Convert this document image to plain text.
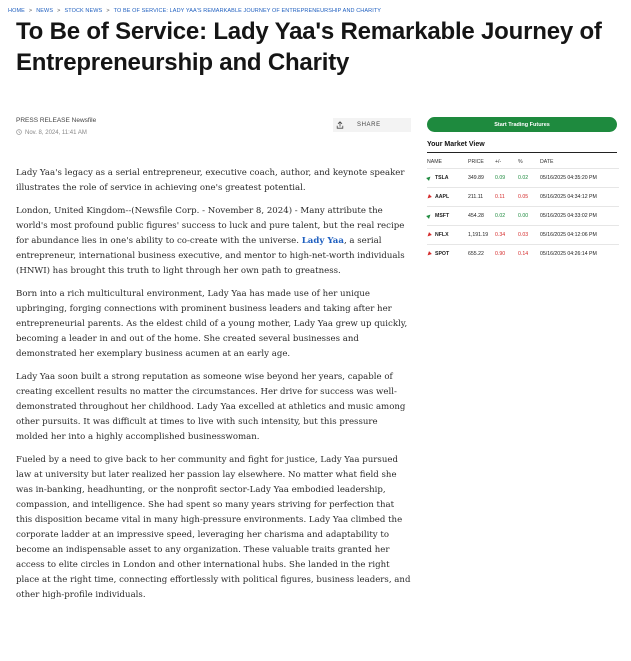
HOME > NEWS > STOCK NEWS > TO BE OF SERVICE: LADY YAA'S REMARKABLE JOURNEY OF ENTREPRENEURSHIP AND CHARITY
To Be of Service: Lady Yaa's Remarkable Journey of Entrepreneurship and Charity
PRESS RELEASE Newsfile
Nov. 8, 2024, 11:41 AM
SHARE

Lady Yaa's legacy as a serial entrepreneur, executive coach, author, and keynote speaker illustrates the role of service in achieving one's greatest potential.

London, United Kingdom--(Newsfile Corp. - November 8, 2024) - Many attribute the world's most profound public figures' success to luck and pure talent, but the real recipe for abundance lies in one's ability to co-create with the universe. Lady Yaa, a serial entrepreneur, international business executive, and mentor to high-net-worth individuals (HNWI) has brought this truth to light through her own path to greatness.

Born into a rich multicultural environment, Lady Yaa has made use of her unique upbringing, forging connections with prominent business leaders and taking after her entrepreneurial parents. As the eldest child of a young mother, Lady Yaa grew up quickly, becoming a leader in and out of the home. She created several businesses and demonstrated her exemplary business acumen at an early age.

Lady Yaa soon built a strong reputation as someone wise beyond her years, capable of creating excellent results no matter the circumstances. Her drive for success was well-demonstrated throughout her childhood. Lady Yaa excelled at athletics and music among other pursuits. It was difficult at times to live with such intensity, but this pressure molded her into a highly accomplished businesswoman.

Fueled by a need to give back to her community and fight for justice, Lady Yaa pursued law at university but later realized her passion lay elsewhere. No matter what field she was in-banking, headhunting, or the nonprofit sector-Lady Yaa embodied leadership, compassion, and intelligence. She had spent so many years striving for perfection that this disposition became vital in many high-pressure environments. Lady Yaa climbed the corporate ladder at an impressive speed, leveraging her charisma and adaptability to become an indispensable asset to any organization. These valuable traits granted her access to elite circles in London and other international hubs. She landed in the right place at the right time, connecting effortlessly with political figures, business leaders, and other high-profile individuals.

Start Trading Futures
Your Market View
NAME	PRICE	+/-	%	DATE
TSLA	349.89	0.09	0.02	05/16/2025 04:35:20 PM
AAPL	211.11	0.11	0.05	05/16/2025 04:34:12 PM
MSFT	454.28	0.02	0.00	05/16/2025 04:33:02 PM
NFLX	1,191.19	0.34	0.03	05/16/2025 04:12:06 PM
SPOT	655.22	0.90	0.14	05/16/2025 04:26:14 PM
